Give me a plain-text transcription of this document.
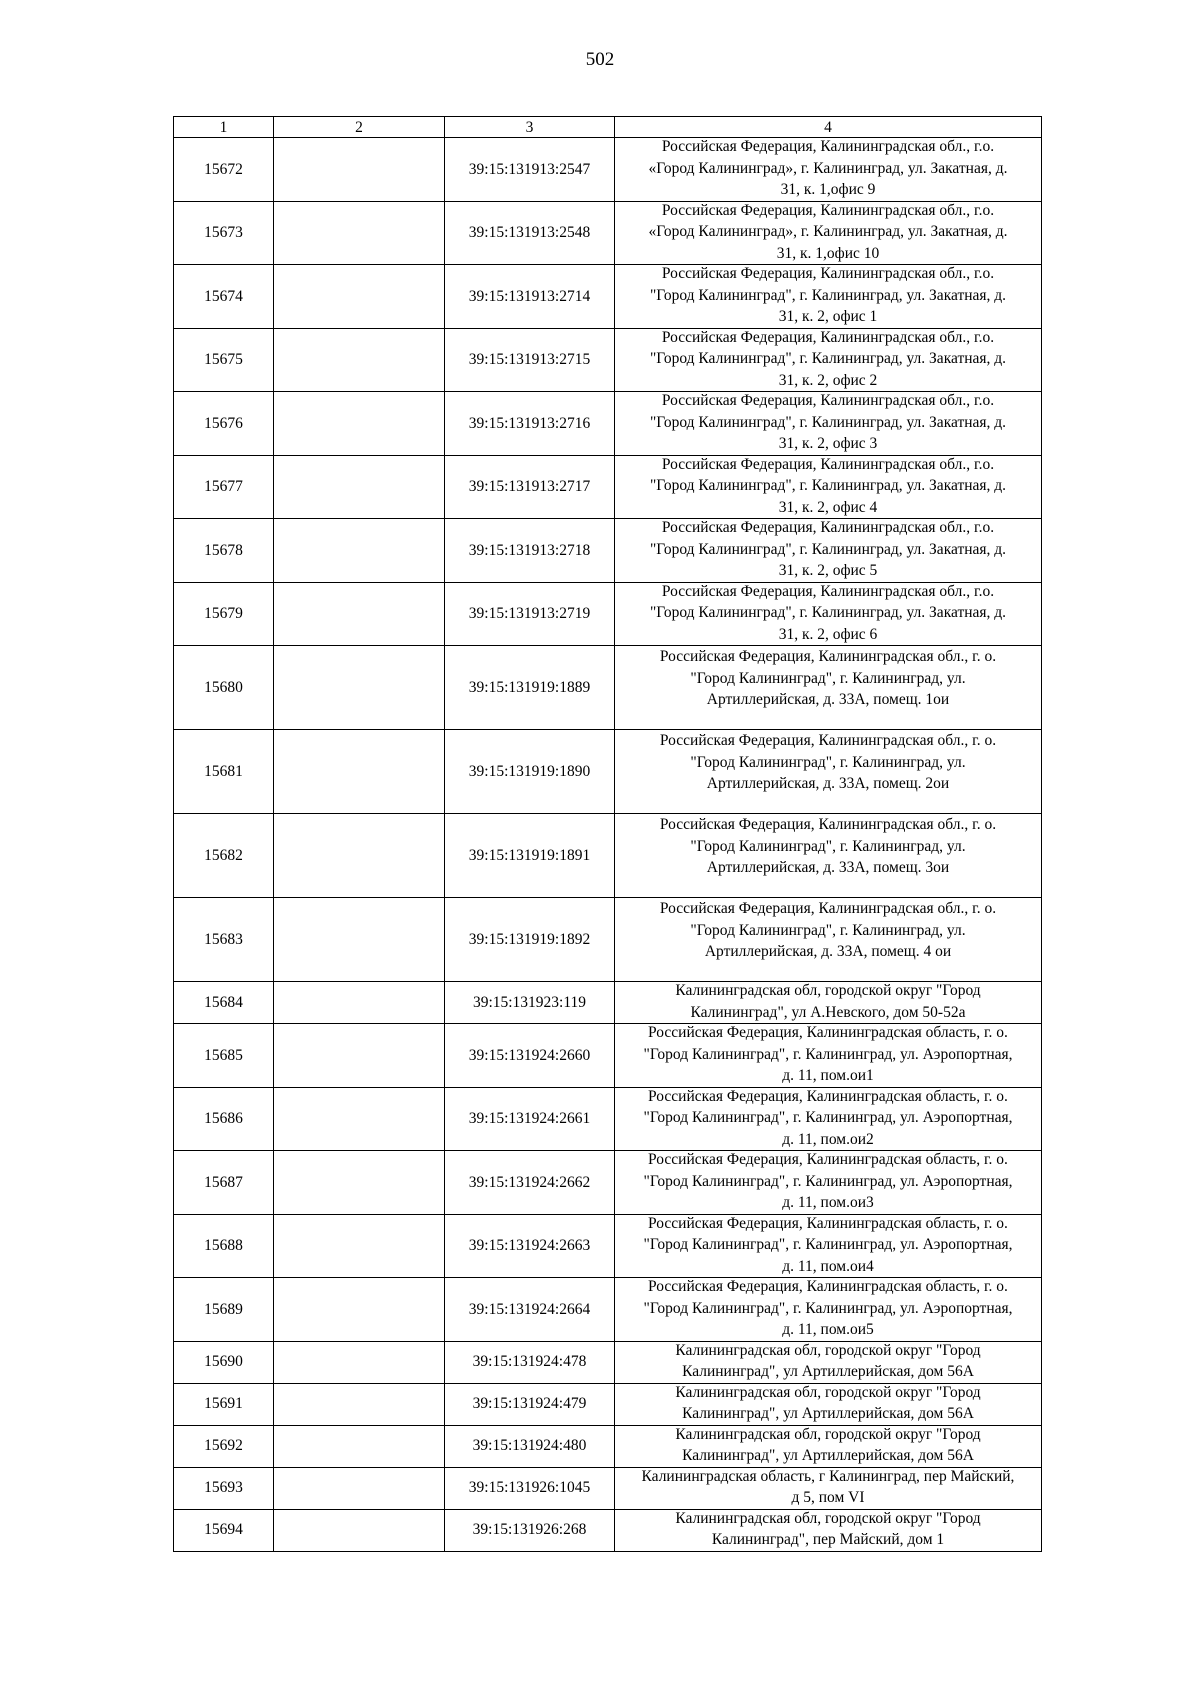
502
1	2	3	4
15672		39:15:131913:2547	Российская Федерация, Калининградская обл., г.о.
«Город Калининград», г. Калининград, ул. Закатная, д.
31, к. 1,офис 9

15673		39:15:131913:2548	Российская Федерация, Калининградская обл., г.о.
«Город Калининград», г. Калининград, ул. Закатная, д.
31, к. 1,офис 10

15674		39:15:131913:2714	Российская Федерация, Калининградская обл., г.о.
"Город Калининград", г. Калининград, ул. Закатная, д.
31, к. 2, офис 1

15675		39:15:131913:2715	Российская Федерация, Калининградская обл., г.о.
"Город Калининград", г. Калининград, ул. Закатная, д.
31, к. 2, офис 2

15676		39:15:131913:2716	Российская Федерация, Калининградская обл., г.о.
"Город Калининград", г. Калининград, ул. Закатная, д.
31, к. 2, офис 3

15677		39:15:131913:2717	Российская Федерация, Калининградская обл., г.о.
"Город Калининград", г. Калининград, ул. Закатная, д.
31, к. 2, офис 4

15678		39:15:131913:2718	Российская Федерация, Калининградская обл., г.о.
"Город Калининград", г. Калининград, ул. Закатная, д.
31, к. 2, офис 5

15679		39:15:131913:2719	Российская Федерация, Калининградская обл., г.о.
"Город Калининград", г. Калининград, ул. Закатная, д.
31, к. 2, офис 6

15680		39:15:131919:1889	Российская Федерация, Калининградская обл., г. о.
"Город Калининград", г. Калининград, ул.
Артиллерийская, д. 33А, помещ. 1ои

15681		39:15:131919:1890	Российская Федерация, Калининградская обл., г. о.
"Город Калининград", г. Калининград, ул.
Артиллерийская, д. 33А, помещ. 2ои

15682		39:15:131919:1891	Российская Федерация, Калининградская обл., г. о.
"Город Калининград", г. Калининград, ул.
Артиллерийская, д. 33А, помещ. 3ои

15683		39:15:131919:1892	Российская Федерация, Калининградская обл., г. о.
"Город Калининград", г. Калининград, ул.
Артиллерийская, д. 33А, помещ. 4 ои

15684		39:15:131923:119	Калининградская обл, городской округ "Город
Калининград", ул А.Невского, дом 50-52а

15685		39:15:131924:2660	Российская Федерация, Калининградская область, г. о.
"Город Калининград", г. Калининград, ул. Аэропортная,
д. 11, пом.ои1

15686		39:15:131924:2661	Российская Федерация, Калининградская область, г. о.
"Город Калининград", г. Калининград, ул. Аэропортная,
д. 11, пом.ои2

15687		39:15:131924:2662	Российская Федерация, Калининградская область, г. о.
"Город Калининград", г. Калининград, ул. Аэропортная,
д. 11, пом.ои3

15688		39:15:131924:2663	Российская Федерация, Калининградская область, г. о.
"Город Калининград", г. Калининград, ул. Аэропортная,
д. 11, пом.ои4

15689		39:15:131924:2664	Российская Федерация, Калининградская область, г. о.
"Город Калининград", г. Калининград, ул. Аэропортная,
д. 11, пом.ои5

15690		39:15:131924:478	Калининградская обл, городской округ "Город
Калининград", ул Артиллерийская, дом 56А

15691		39:15:131924:479	Калининградская обл, городской округ "Город
Калининград", ул Артиллерийская, дом 56А

15692		39:15:131924:480	Калининградская обл, городской округ "Город
Калининград", ул Артиллерийская, дом 56А

15693		39:15:131926:1045	Калининградская область, г Калининград, пер Майский,
д 5, пом VI

15694		39:15:131926:268	Калининградская обл, городской округ "Город
Калининград", пер Майский, дом 1
